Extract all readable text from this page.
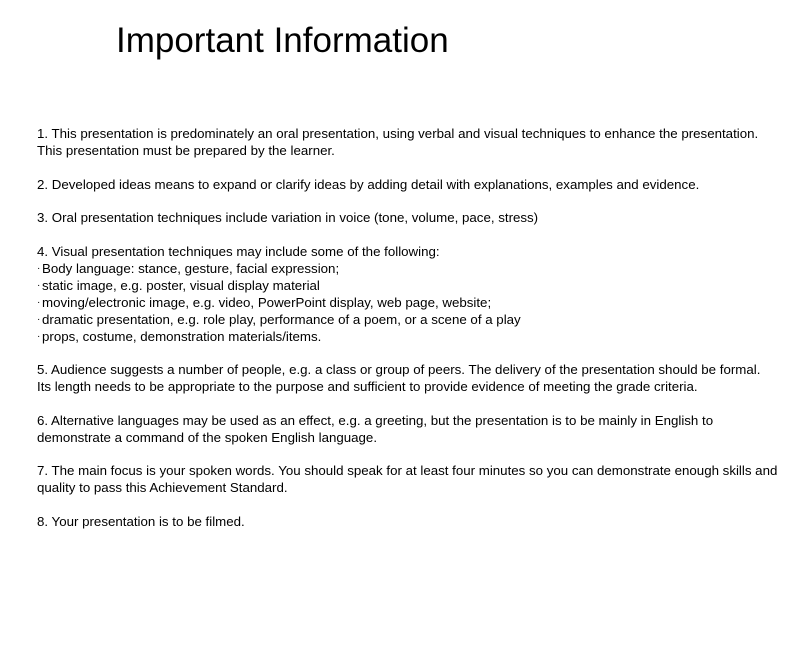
Important Information
1. This presentation is predominately an oral presentation, using verbal and visual techniques to enhance the presentation.
This presentation must be prepared by the learner.
2. Developed ideas means to expand or clarify ideas by adding detail with explanations, examples and evidence.
3. Oral presentation techniques include variation in voice (tone, volume, pace, stress)
4. Visual presentation techniques may include some of the following:
· Body language: stance, gesture, facial expression;
· static image, e.g. poster, visual display material
· moving/electronic image, e.g. video, PowerPoint display, web page, website;
· dramatic presentation, e.g. role play, performance of a poem, or a scene of a play
· props, costume, demonstration materials/items.
5. Audience suggests a number of people, e.g. a class or group of peers. The delivery of the presentation should be formal.
Its length needs to be appropriate to the purpose and sufficient to provide evidence of meeting the grade criteria.
6. Alternative languages may be used as an effect, e.g. a greeting, but the presentation is to be mainly in English to
demonstrate a command of the spoken English language.
7. The main focus is your spoken words. You should speak for at least four minutes so you can demonstrate enough skills and
quality to pass this Achievement Standard.
8. Your presentation is to be filmed.
